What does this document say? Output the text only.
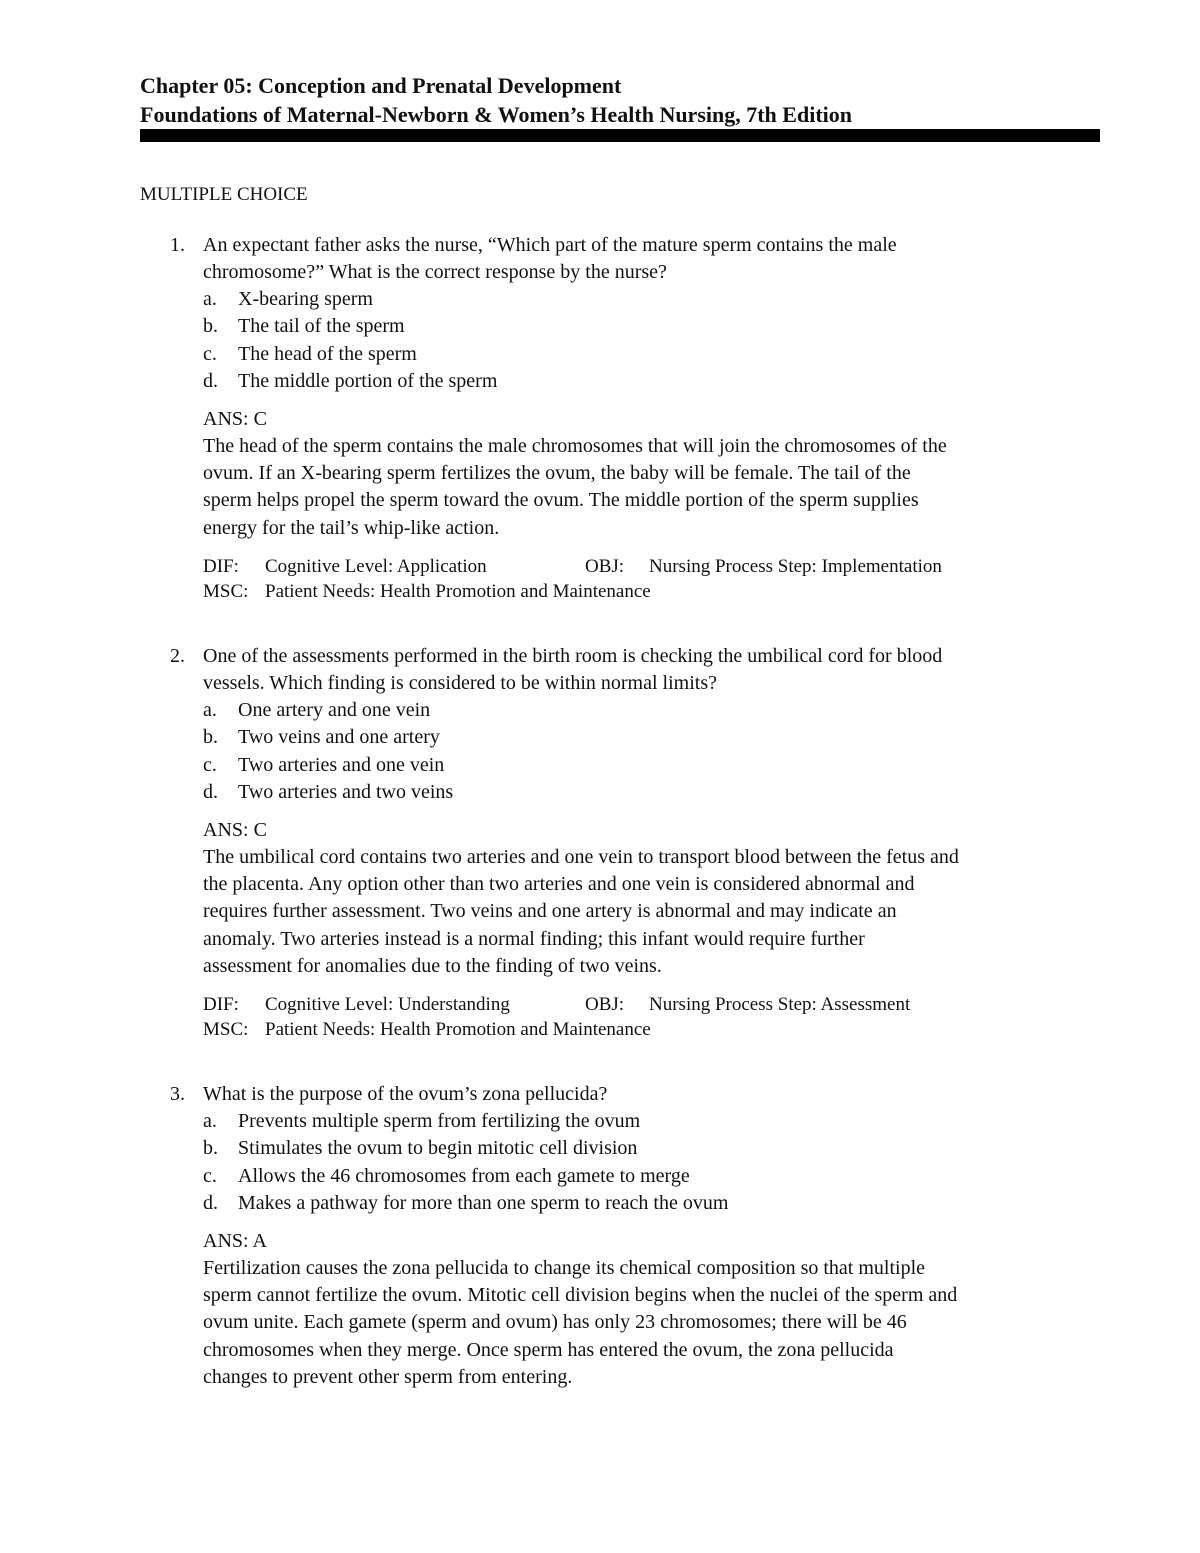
Chapter 05: Conception and Prenatal Development
Foundations of Maternal-Newborn & Women’s Health Nursing, 7th Edition
MULTIPLE CHOICE
1. An expectant father asks the nurse, “Which part of the mature sperm contains the male
chromosome?” What is the correct response by the nurse?
a. X-bearing sperm
b. The tail of the sperm
c. The head of the sperm
d. The middle portion of the sperm
ANS: C
The head of the sperm contains the male chromosomes that will join the chromosomes of the
ovum. If an X-bearing sperm fertilizes the ovum, the baby will be female. The tail of the
sperm helps propel the sperm toward the ovum. The middle portion of the sperm supplies
energy for the tail’s whip-like action.
DIF: Cognitive Level: Application	OBJ: Nursing Process Step: Implementation
MSC: Patient Needs: Health Promotion and Maintenance
2. One of the assessments performed in the birth room is checking the umbilical cord for blood
vessels. Which finding is considered to be within normal limits?
a. One artery and one vein
b. Two veins and one artery
c. Two arteries and one vein
d. Two arteries and two veins
ANS: C
The umbilical cord contains two arteries and one vein to transport blood between the fetus and
the placenta. Any option other than two arteries and one vein is considered abnormal and
requires further assessment. Two veins and one artery is abnormal and may indicate an
anomaly. Two arteries instead is a normal finding; this infant would require further
assessment for anomalies due to the finding of two veins.
DIF: Cognitive Level: Understanding	OBJ: Nursing Process Step: Assessment
MSC: Patient Needs: Health Promotion and Maintenance
3. What is the purpose of the ovum’s zona pellucida?
a. Prevents multiple sperm from fertilizing the ovum
b. Stimulates the ovum to begin mitotic cell division
c. Allows the 46 chromosomes from each gamete to merge
d. Makes a pathway for more than one sperm to reach the ovum
ANS: A
Fertilization causes the zona pellucida to change its chemical composition so that multiple
sperm cannot fertilize the ovum. Mitotic cell division begins when the nuclei of the sperm and
ovum unite. Each gamete (sperm and ovum) has only 23 chromosomes; there will be 46
chromosomes when they merge. Once sperm has entered the ovum, the zona pellucida
changes to prevent other sperm from entering.
